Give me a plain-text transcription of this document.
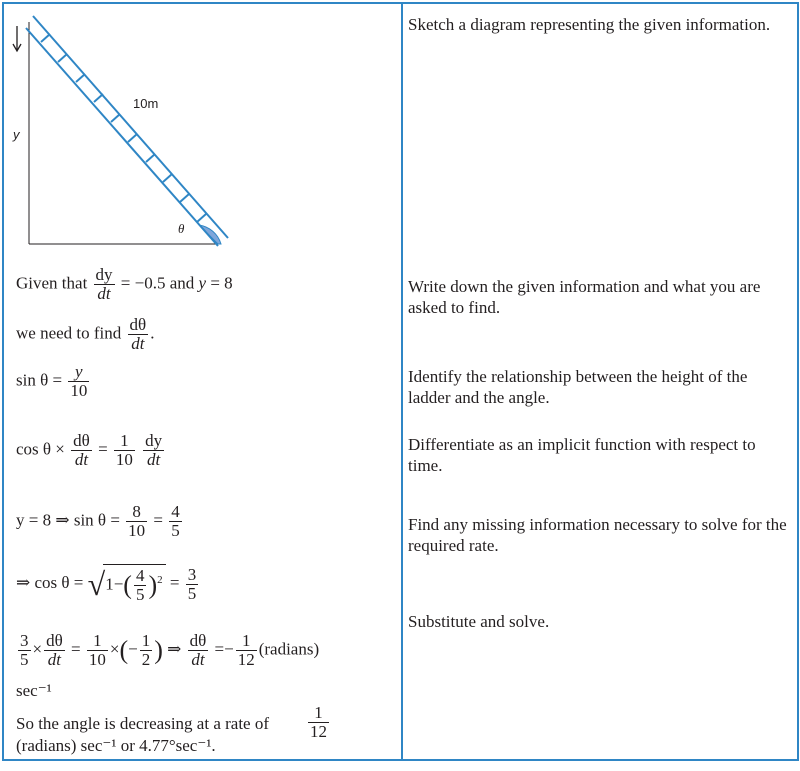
10m
y
θ
Sketch a diagram representing the given information.
Write down the given information and what you are asked to find.
Identify the relationship between the height of the ladder and the angle.
Differentiate as an implicit function with respect to time.
Find any missing information necessary to solve for the required rate.
Substitute and solve.
Given that $\frac{dy}{dt} = -0.5$ and y = 8
we need to find $\frac{d\theta}{dt}$ .
$\sin \theta = \frac{y}{10}$
$\cos \theta \times \frac{d\theta}{dt} = \frac{1}{10}$
$\frac{dy}{dt}$
y = 8 ⇒ $\sin \theta = \frac{8}{10} = \frac{4}{5}$
⇒ $\cos \theta = √1-( \frac{4}{5} )^2 = \frac{3}{5}$
$\frac{3}{5} \times \frac{d\theta}{dt} = \frac{1}{10}$ ×(− $\frac{1}{2}$ ) ⇒ $\frac{d\theta}{dt} =- \frac{1}{12}$ (radians)
sec⁻¹
So the angle is decreasing at a rate of $\frac{1}{12}$
(radians) sec⁻¹ or 4.77°sec⁻¹.
